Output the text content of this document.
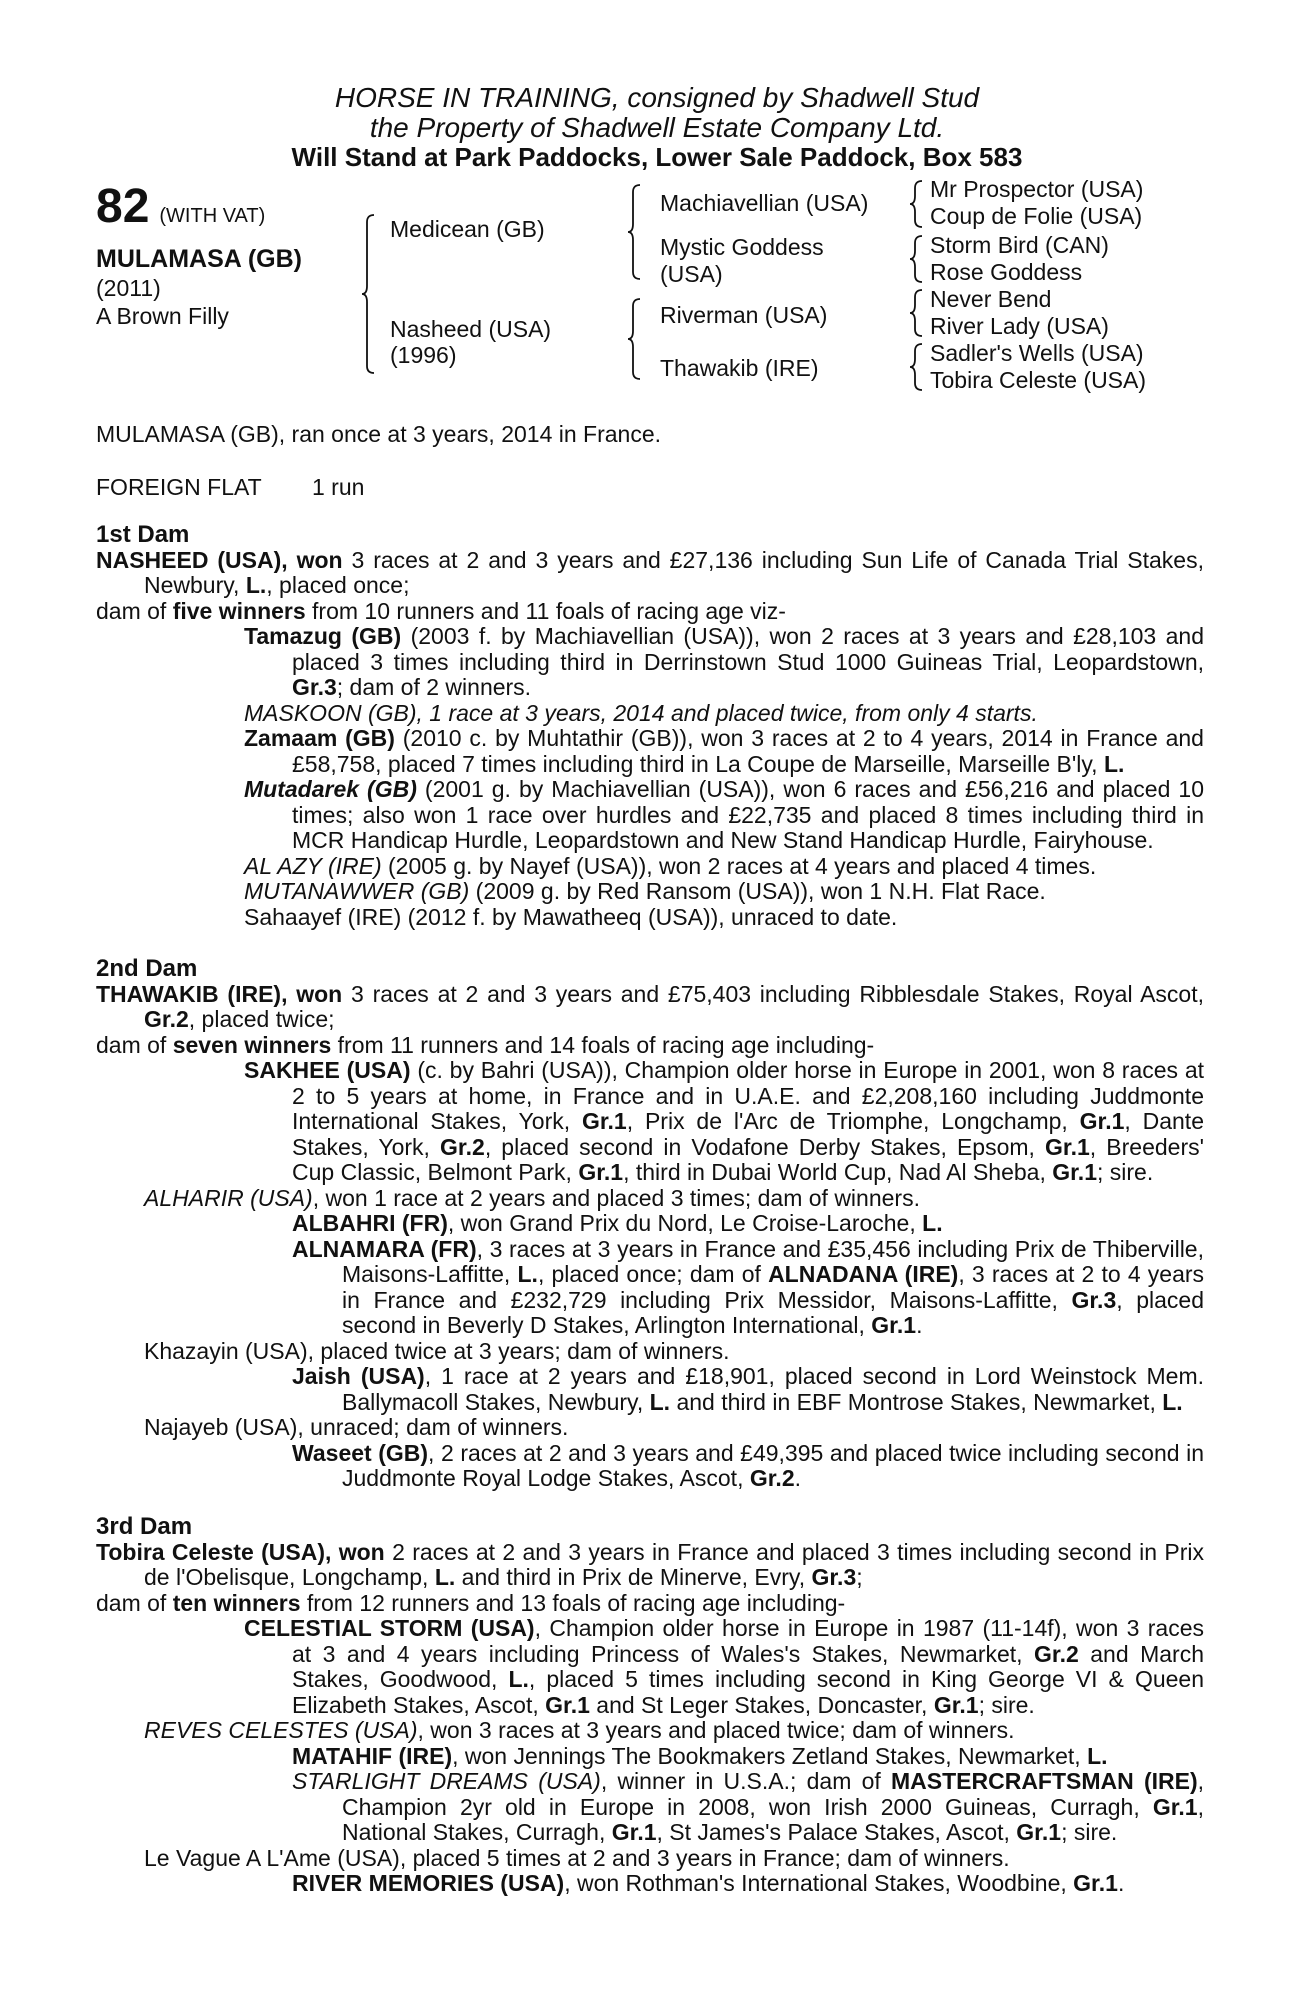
HORSE IN TRAINING, consigned by Shadwell Stud
the Property of Shadwell Estate Company Ltd.
Will Stand at Park Paddocks, Lower Sale Paddock, Box 583
82 (WITH VAT)
MULAMASA (GB)
(2011)
A Brown Filly
Medicean (GB)
Nasheed (USA)
(1996)
Machiavellian (USA)
Mystic Goddess
(USA)
Riverman (USA)
Thawakib (IRE)
Mr Prospector (USA)
Coup de Folie (USA)
Storm Bird (CAN)
Rose Goddess
Never Bend
River Lady (USA)
Sadler's Wells (USA)
Tobira Celeste (USA)
MULAMASA (GB), ran once at 3 years, 2014 in France.
FOREIGN FLAT 1 run

1st Dam

NASHEED (USA), won 3 races at 2 and 3 years and £27,136 including Sun Life of Canada Trial Stakes, Newbury, L., placed once;

dam of five winners from 10 runners and 11 foals of racing age viz-

Tamazug (GB) (2003 f. by Machiavellian (USA)), won 2 races at 3 years and £28,103 and placed 3 times including third in Derrinstown Stud 1000 Guineas Trial, Leopardstown, Gr.3; dam of 2 winners.

MASKOON (GB), 1 race at 3 years, 2014 and placed twice, from only 4 starts.

Zamaam (GB) (2010 c. by Muhtathir (GB)), won 3 races at 2 to 4 years, 2014 in France and £58,758, placed 7 times including third in La Coupe de Marseille, Marseille B'ly, L.

Mutadarek (GB) (2001 g. by Machiavellian (USA)), won 6 races and £56,216 and placed 10 times; also won 1 race over hurdles and £22,735 and placed 8 times including third in MCR Handicap Hurdle, Leopardstown and New Stand Handicap Hurdle, Fairyhouse.

AL AZY (IRE) (2005 g. by Nayef (USA)), won 2 races at 4 years and placed 4 times.

MUTANAWWER (GB) (2009 g. by Red Ransom (USA)), won 1 N.H. Flat Race.

Sahaayef (IRE) (2012 f. by Mawatheeq (USA)), unraced to date.

2nd Dam

THAWAKIB (IRE), won 3 races at 2 and 3 years and £75,403 including Ribblesdale Stakes, Royal Ascot, Gr.2, placed twice;

dam of seven winners from 11 runners and 14 foals of racing age including-

SAKHEE (USA) (c. by Bahri (USA)), Champion older horse in Europe in 2001, won 8 races at 2 to 5 years at home, in France and in U.A.E. and £2,208,160 including Juddmonte International Stakes, York, Gr.1, Prix de l'Arc de Triomphe, Longchamp, Gr.1, Dante Stakes, York, Gr.2, placed second in Vodafone Derby Stakes, Epsom, Gr.1, Breeders' Cup Classic, Belmont Park, Gr.1, third in Dubai World Cup, Nad Al Sheba, Gr.1; sire.

ALHARIR (USA), won 1 race at 2 years and placed 3 times; dam of winners.

ALBAHRI (FR), won Grand Prix du Nord, Le Croise-Laroche, L.

ALNAMARA (FR), 3 races at 3 years in France and £35,456 including Prix de Thiberville, Maisons-Laffitte, L., placed once; dam of ALNADANA (IRE), 3 races at 2 to 4 years in France and £232,729 including Prix Messidor, Maisons-Laffitte, Gr.3, placed second in Beverly D Stakes, Arlington International, Gr.1.

Khazayin (USA), placed twice at 3 years; dam of winners.

Jaish (USA), 1 race at 2 years and £18,901, placed second in Lord Weinstock Mem. Ballymacoll Stakes, Newbury, L. and third in EBF Montrose Stakes, Newmarket, L.

Najayeb (USA), unraced; dam of winners.

Waseet (GB), 2 races at 2 and 3 years and £49,395 and placed twice including second in Juddmonte Royal Lodge Stakes, Ascot, Gr.2.

3rd Dam

Tobira Celeste (USA), won 2 races at 2 and 3 years in France and placed 3 times including second in Prix de l'Obelisque, Longchamp, L. and third in Prix de Minerve, Evry, Gr.3;

dam of ten winners from 12 runners and 13 foals of racing age including-

CELESTIAL STORM (USA), Champion older horse in Europe in 1987 (11-14f), won 3 races at 3 and 4 years including Princess of Wales's Stakes, Newmarket, Gr.2 and March Stakes, Goodwood, L., placed 5 times including second in King George VI & Queen Elizabeth Stakes, Ascot, Gr.1 and St Leger Stakes, Doncaster, Gr.1; sire.

REVES CELESTES (USA), won 3 races at 3 years and placed twice; dam of winners.

MATAHIF (IRE), won Jennings The Bookmakers Zetland Stakes, Newmarket, L.

STARLIGHT DREAMS (USA), winner in U.S.A.; dam of MASTERCRAFTSMAN (IRE), Champion 2yr old in Europe in 2008, won Irish 2000 Guineas, Curragh, Gr.1, National Stakes, Curragh, Gr.1, St James's Palace Stakes, Ascot, Gr.1; sire.

Le Vague A L'Ame (USA), placed 5 times at 2 and 3 years in France; dam of winners.

RIVER MEMORIES (USA), won Rothman's International Stakes, Woodbine, Gr.1.
